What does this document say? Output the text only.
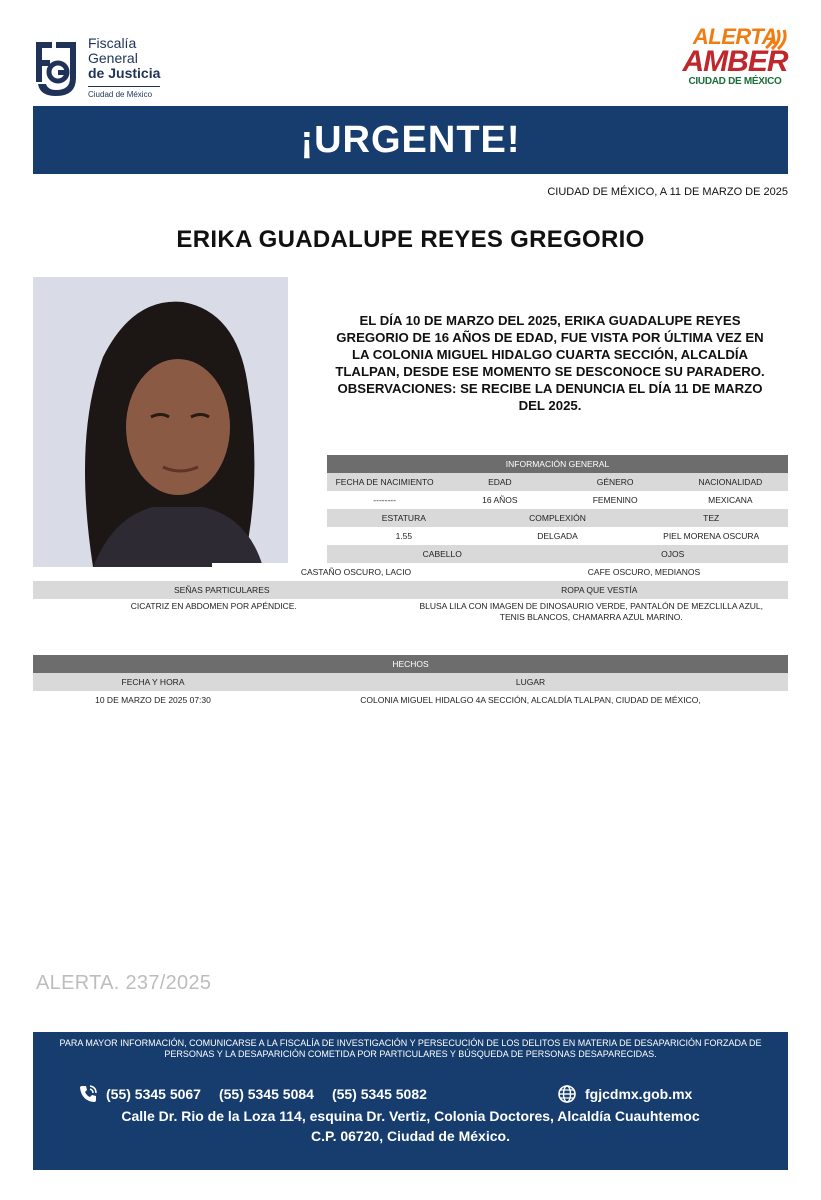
Fiscalía
General
de Justicia
Ciudad de México
ALERTA
AMBER
CIUDAD DE MÉXICO
¡URGENTE!
CIUDAD DE MÉXICO, A 11 DE MARZO DE 2025
ERIKA GUADALUPE REYES GREGORIO
EL DÍA 10 DE MARZO DEL 2025, ERIKA GUADALUPE REYES GREGORIO DE 16 AÑOS DE EDAD, FUE VISTA POR ÚLTIMA VEZ EN LA COLONIA MIGUEL HIDALGO CUARTA SECCIÓN, ALCALDÍA TLALPAN, DESDE ESE MOMENTO SE DESCONOCE SU PARADERO. OBSERVACIONES: SE RECIBE LA DENUNCIA EL DÍA 11 DE MARZO DEL 2025.
INFORMACIÓN GENERAL
FECHA DE NACIMIENTO	EDAD	GÉNERO	NACIONALIDAD
--------	16 AÑOS	FEMENINO	MEXICANA
ESTATURA	COMPLEXIÓN	TEZ
1.55	DELGADA	PIEL MORENA OSCURA
CABELLO	OJOS
CASTAÑO OSCURO, LACIO	CAFE OSCURO, MEDIANOS
SEÑAS PARTICULARES	ROPA QUE VESTÍA
CICATRIZ EN ABDOMEN POR APÉNDICE.	BLUSA LILA CON IMAGEN DE DINOSAURIO VERDE, PANTALÓN DE MEZCLILLA AZUL, TENIS BLANCOS, CHAMARRA AZUL MARINO.
HECHOS
FECHA Y HORA	LUGAR
10 DE MARZO DE 2025 07:30	COLONIA MIGUEL HIDALGO 4A SECCIÓN, ALCALDÍA TLALPAN, CIUDAD DE MÉXICO,
ALERTA. 237/2025
PARA MAYOR INFORMACIÓN, COMUNICARSE A LA FISCALÍA DE INVESTIGACIÓN Y PERSECUCIÓN DE LOS DELITOS EN MATERIA DE DESAPARICIÓN FORZADA DE PERSONAS Y LA DESAPARICIÓN COMETIDA POR PARTICULARES Y BÚSQUEDA DE PERSONAS DESAPARECIDAS.
(55) 5345 5067 (55) 5345 5084 (55) 5345 5082	fgjcdmx.gob.mx
Calle Dr. Rio de la Loza 114, esquina Dr. Vertiz, Colonia Doctores, Alcaldía Cuauhtemoc
C.P. 06720, Ciudad de México.
